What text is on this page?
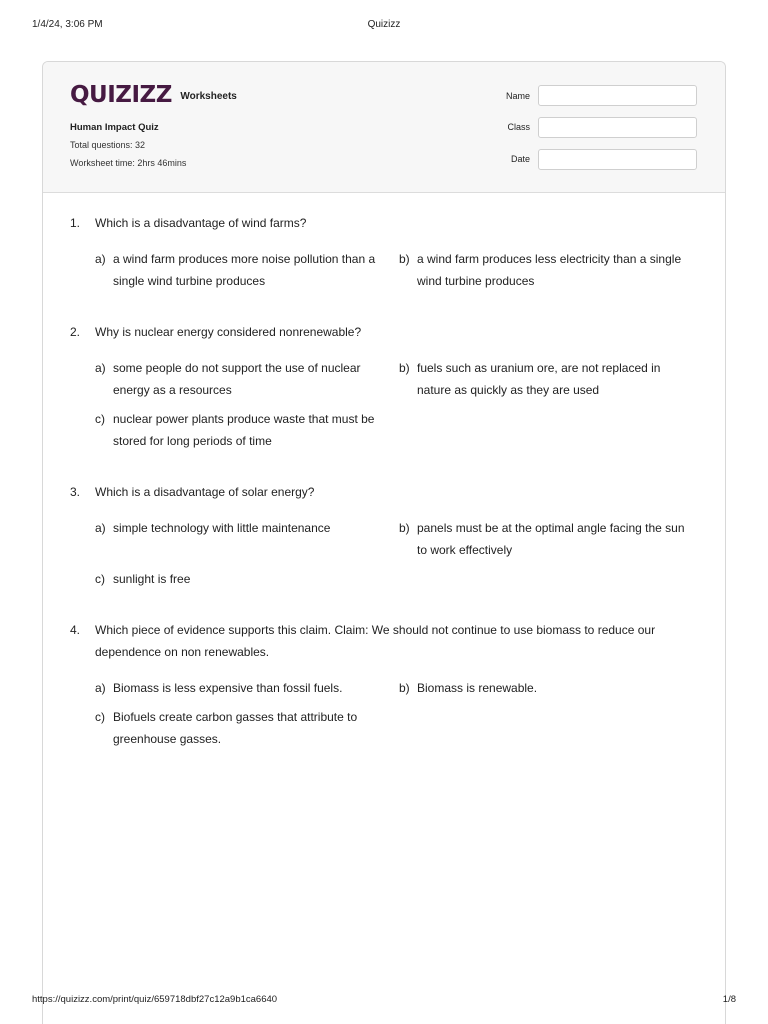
1/4/24, 3:06 PM	Quizizz
QUIZIZZ Worksheets
Human Impact Quiz
Total questions: 32
Worksheet time: 2hrs 46mins
Name
Class
Date
1. Which is a disadvantage of wind farms?
a) a wind farm produces more noise pollution than a single wind turbine produces
b) a wind farm produces less electricity than a single wind turbine produces
2. Why is nuclear energy considered nonrenewable?
a) some people do not support the use of nuclear energy as a resources
b) fuels such as uranium ore, are not replaced in nature as quickly as they are used
c) nuclear power plants produce waste that must be stored for long periods of time
3. Which is a disadvantage of solar energy?
a) simple technology with little maintenance	b) panels must be at the optimal angle facing the sun to work effectively
c) sunlight is free
4. Which piece of evidence supports this claim. Claim: We should not continue to use biomass to reduce our dependence on non renewables.
a) Biomass is less expensive than fossil fuels.	b) Biomass is renewable.
c) Biofuels create carbon gasses that attribute to greenhouse gasses.
https://quizizz.com/print/quiz/659718dbf27c12a9b1ca6640	1/8
